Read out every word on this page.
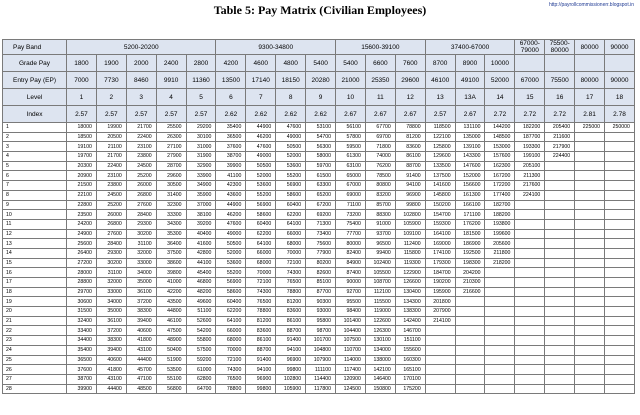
Table 5: Pay Matrix (Civilian Employees)	http://payrollcommissionerr.blogspot.in
Pay Band	5200-20200					9300-34800				15600-39100			37400-67000			67000-79000	75500-80000	80000	90000
Grade Pay	1800	1900	2000	2400	2800	4200	4600	4800	5400	5400	6600	7600	8700	8900	10000				
Entry Pay (EP)	7000	7730	8460	9910	11360	13500	17140	18150	20280	21000	25350	29600	46100	49100	52000	67000	75500	80000	90000
Level	1	2	3	4	5	6	7	8	9	10	11	12	13	13A	14	15	16	17	18
Index	2.57	2.57	2.57	2.57	2.57	2.62	2.62	2.62	2.62	2.67	2.67	2.67	2.57	2.67	2.72	2.72	2.72	2.81	2.78
1	18000	19900	21700	25500	29200	35400	44900	47600	53100	56100	67700	78800	118500	131100	144200	182200	205400	225000	250000
2	18500	20500	22400	26300	30100	36500	46200	49000	54700	57800	69700	81200	122100	135000	148500	187700	211600		
3	19100	21100	23100	27100	31000	37600	47600	50500	56300	59500	71800	83600	125800	139100	153000	193300	217900		
4	19700	21700	23800	27900	31900	38700	49000	52000	58000	61300	74000	86100	129600	143300	157600	199100	224400		
5	20300	22400	24500	28700	32900	39900	50500	53600	59700	63100	76200	88700	133500	147600	162300	205100			
6	20900	23100	25200	29600	33900	41100	52000	55200	61500	65000	78500	91400	137500	152000	167200	211300			
7	21500	23800	26000	30500	34900	42300	53600	56900	63300	67000	80800	94100	141600	156600	172200	217600			
8	22100	24500	26800	31400	35900	43600	55200	58600	65200	69000	83200	96900	145800	161300	177400	224100			
9	22800	25200	27600	32300	37000	44900	56900	60400	67200	71100	85700	99800	150200	166100	182700				
10	23500	26000	28400	33300	38100	46200	58600	62200	69200	73200	88300	102800	154700	171100	188200				
11	24200	26800	29300	34300	39200	47600	60400	64100	71300	75400	91000	105900	159300	176200	193800				
12	24900	27600	30200	35300	40400	49000	62200	66000	73400	77700	93700	109100	164100	181500	199600				
13	25600	28400	31100	36400	41600	50500	64100	68000	75600	80000	96500	112400	169000	186900	205600				
14	26400	29300	32000	37500	42800	52000	66000	70000	77900	82400	99400	115800	174100	192500	211800				
15	27200	30200	33000	38600	44100	53600	68000	72100	80200	84900	102400	119300	179300	198300	218200				
16	28000	31100	34000	39800	45400	55200	70000	74300	82600	87400	105500	122900	184700	204200					
17	28800	32000	35000	41000	46800	56900	72100	76500	85100	90000	108700	126600	190200	210300					
18	29700	33000	36100	42200	48200	58600	74300	78800	87700	92700	112100	130400	195900	216600					
19	30600	34000	37200	43500	49600	60400	76500	81200	90300	95500	115500	134300	201800						
20	31500	35000	38300	44800	51100	62200	78800	83600	93000	98400	119000	138300	207900						
21	32400	36100	39400	46100	52600	64100	81200	86100	95800	101400	122600	142400	214100						
22	33400	37200	40600	47500	54200	66000	83600	88700	98700	104400	126300	146700							
23	34400	38300	41800	48900	55800	68000	86100	91400	101700	107500	130100	151100							
24	35400	39400	43100	50400	57500	70000	88700	94100	104800	110700	134000	155600							
25	36500	40600	44400	51900	59200	72100	91400	96900	107900	114000	138000	160300							
26	37600	41800	45700	53500	61000	74300	94100	99800	111100	117400	142100	165100							
27	38700	43100	47100	55100	62800	76500	96900	102800	114400	120900	146400	170100							
28	39900	44400	48500	56800	64700	78800	99800	105900	117800	124500	150800	175200							
